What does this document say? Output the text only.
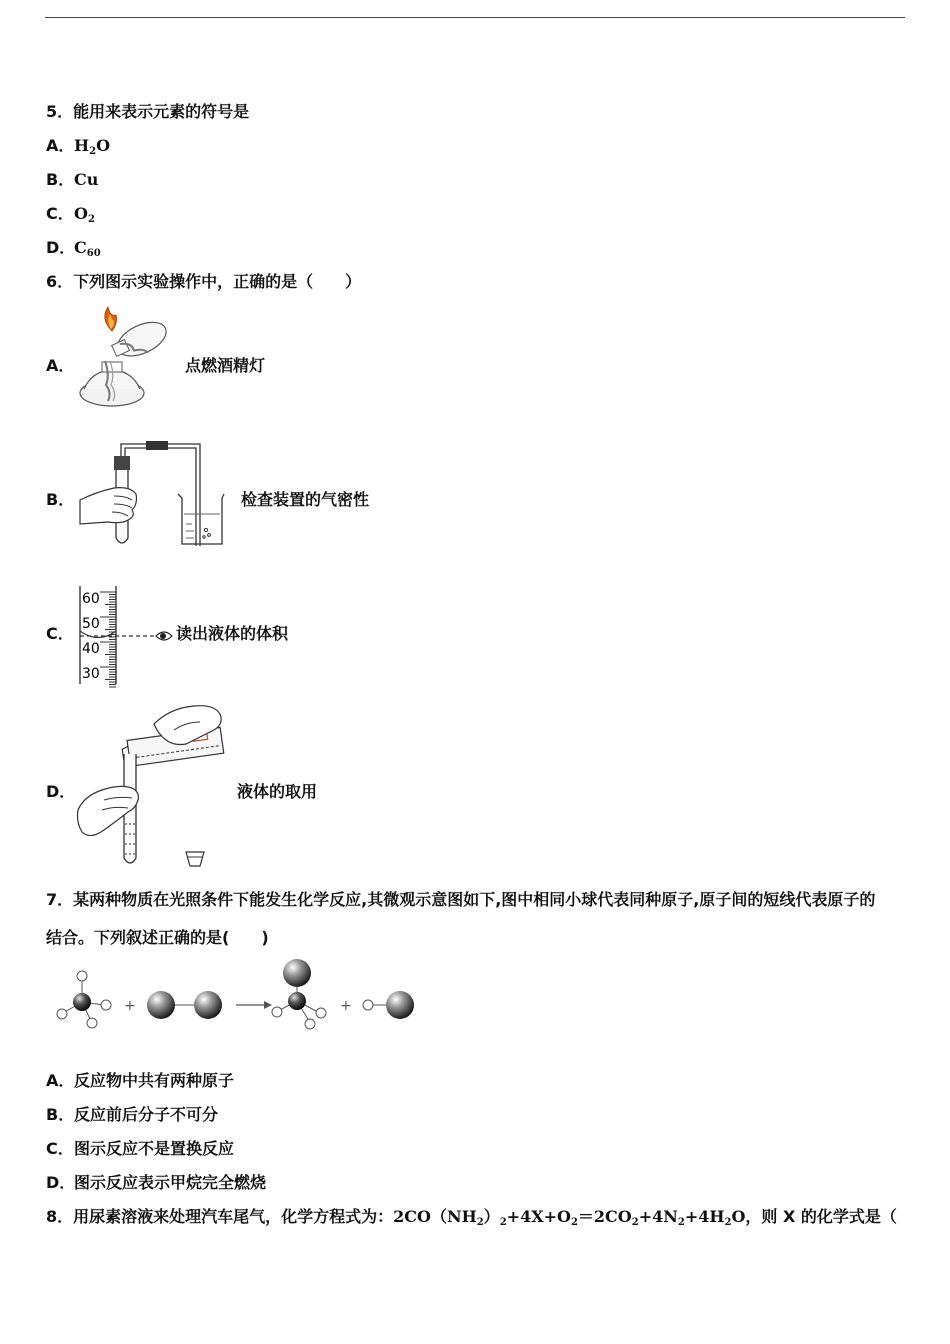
5．能用来表示元素的符号是
A．$H_2O$
B．Cu
C．$O_2$
D．$C_{60}$
6．下列图示实验操作中，正确的是（　　）
A．	点燃酒精灯
B．	检查装置的气密性
C．
60
50
40
30
读出液体的体积
D．	液体的取用
7．某两种物质在光照条件下能发生化学反应,其微观示意图如下,图中相同小球代表同种原子,原子间的短线代表原子的
结合。下列叙述正确的是(　　)
+	+
A．反应物中共有两种原子
B．反应前后分子不可分
C．图示反应不是置换反应
D．图示反应表示甲烷完全燃烧
8．用尿素溶液来处理汽车尾气，化学方程式为：$2CO(NH_2)_2+4X+O_2=2CO_2+4N_2+4H_2O$，则 X 的化学式是（
